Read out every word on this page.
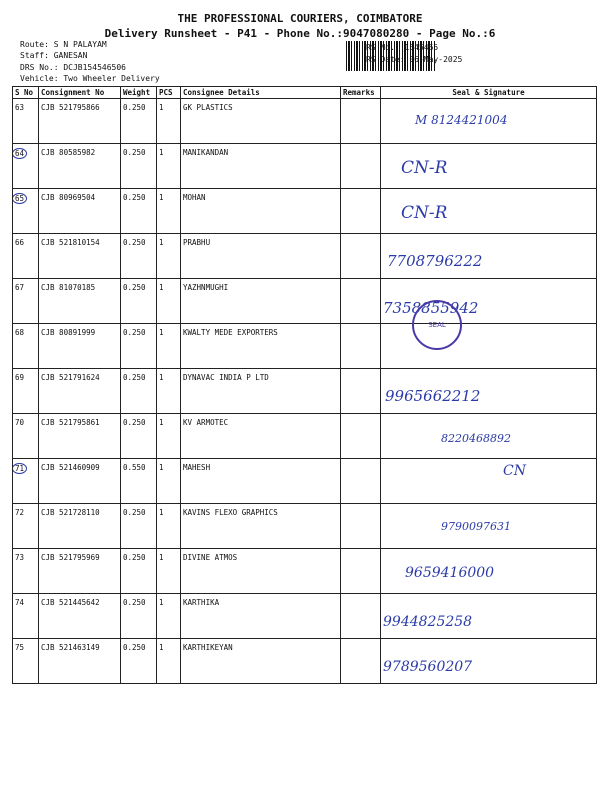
THE PROFESSIONAL COURIERS, COIMBATORE
Delivery Runsheet - P41 - Phone No.:9047080280 - Page No.:6
Route: S N PALAYAM
Staff: GANESAN
DRS No.: DCJB154546506
Vehicle: Two Wheeler Delivery
RS No.: 1545465
RS Date: 06-May-2025
S No	Consignment No	Weight	PCS	Consignee Details	Remarks	Seal & Signature
63	CJB 521795866	0.250	1	GK PLASTICS		M 8124421004

64	CJB 80585982	0.250	1	MANIKANDAN		CN-R

65	CJB 80969504	0.250	1	MOHAN		CN-R

66	CJB 521810154	0.250	1	PRABHU		7708796222

67	CJB 81070185	0.250	1	YAZHNMUGHI		7358855942

68	CJB 80891999	0.250	1	KWALTY MEDE EXPORTERS		
69	CJB 521791624	0.250	1	DYNAVAC INDIA P LTD		9965662212

70	CJB 521795861	0.250	1	KV ARMOTEC		8220468892

71	CJB 521460909	0.550	1	MAHESH		CN

72	CJB 521728110	0.250	1	KAVINS FLEXO GRAPHICS		9790097631

73	CJB 521795969	0.250	1	DIVINE ATMOS		9659416000

74	CJB 521445642	0.250	1	KARTHIKA		9944825258

75	CJB 521463149	0.250	1	KARTHIKEYAN		9789560207
SEAL
